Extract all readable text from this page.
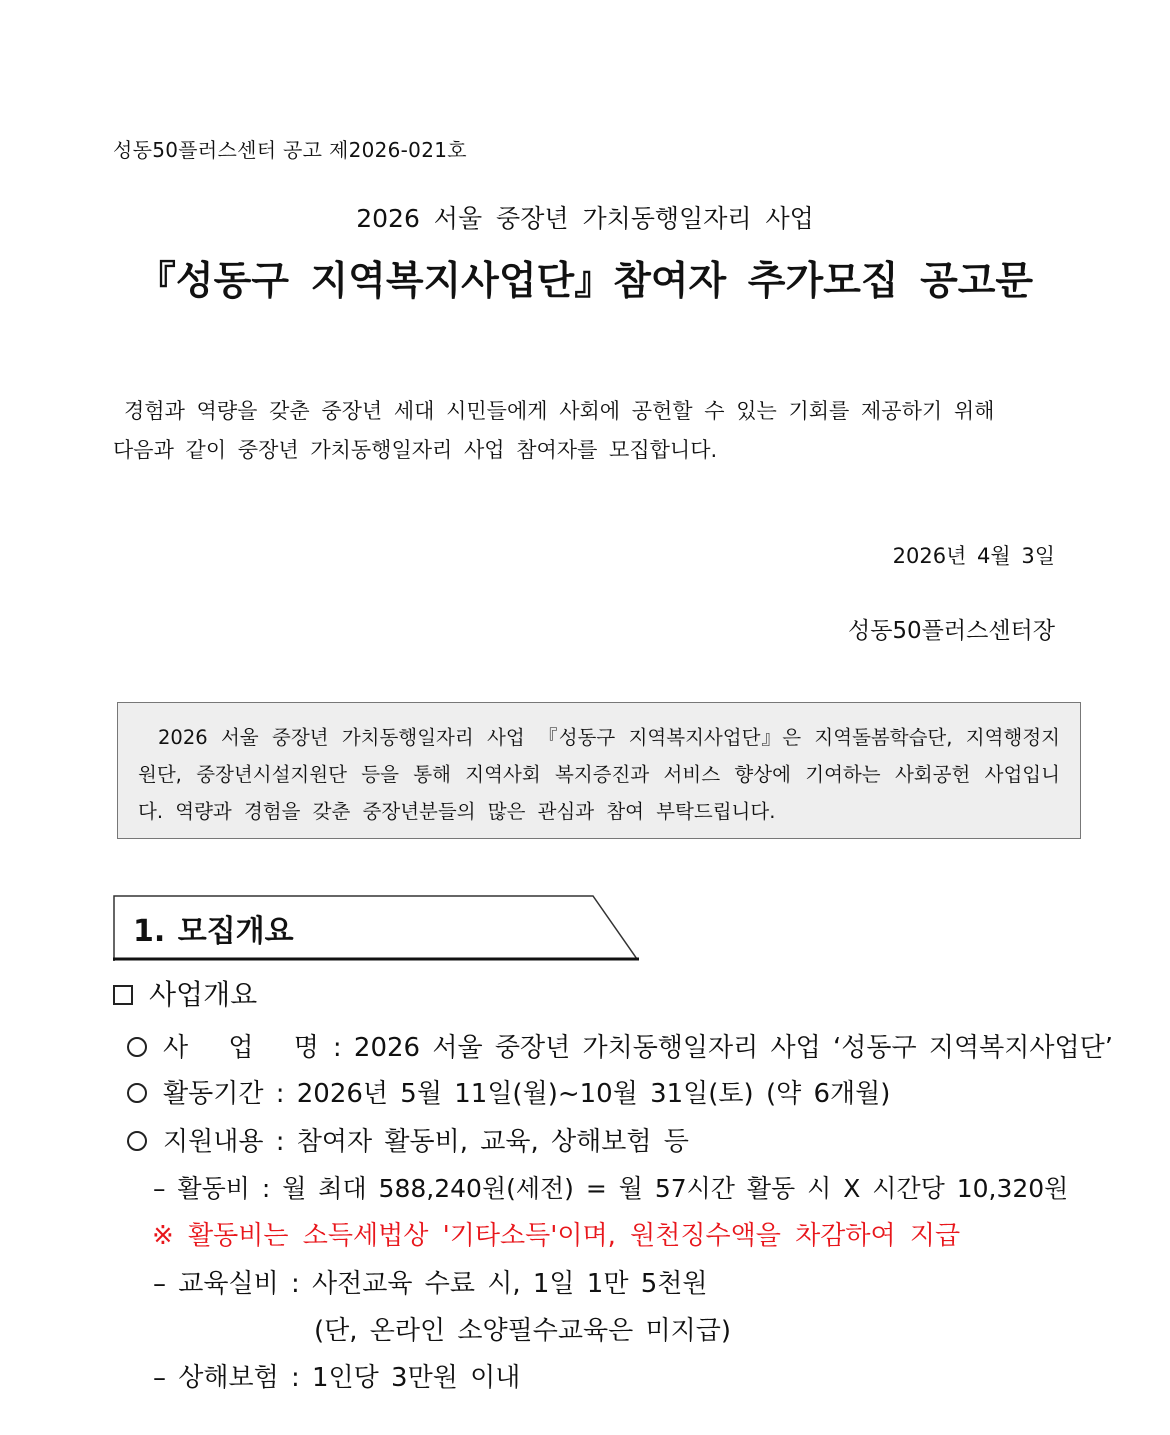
성동50플러스센터 공고 제2026-021호
2026 서울 중장년 가치동행일자리 사업
『성동구 지역복지사업단』참여자 추가모집 공고문
경험과 역량을 갖춘 중장년 세대 시민들에게 사회에 공헌할 수 있는 기회를 제공하기 위해
다음과 같이 중장년 가치동행일자리 사업 참여자를 모집합니다.
2026년 4월 3일
성동50플러스센터장
2026 서울 중장년 가치동행일자리 사업 『성동구 지역복지사업단』은 지역돌봄학습단, 지역행정지원단, 중장년시설지원단 등을 통해 지역사회 복지증진과 서비스 향상에 기여하는 사회공헌 사업입니다. 역량과 경험을 갖춘 중장년분들의 많은 관심과 참여 부탁드립니다.
1. 모집개요
사업개요
사 업 명: 2026 서울 중장년 가치동행일자리 사업 ‘성동구 지역복지사업단’
활동기간 : 2026년 5월 11일(월)~10월 31일(토) (약 6개월)
지원내용 : 참여자 활동비, 교육, 상해보험 등
– 활동비 : 월 최대 588,240원(세전) = 월 57시간 활동 시 X 시간당 10,320원
※ 활동비는 소득세법상 '기타소득'이며, 원천징수액을 차감하여 지급
– 교육실비 : 사전교육 수료 시, 1일 1만 5천원
(단, 온라인 소양필수교육은 미지급)
– 상해보험 : 1인당 3만원 이내
